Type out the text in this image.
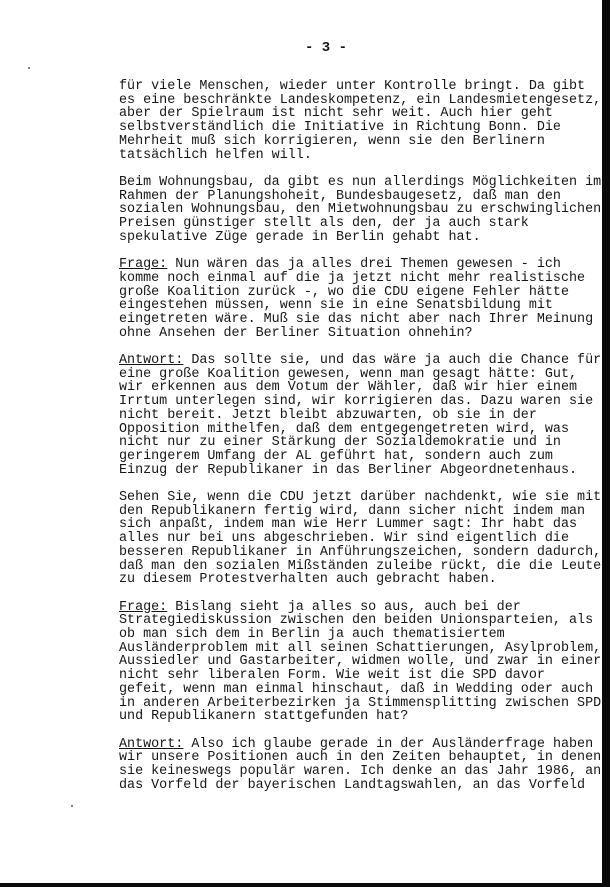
- 3 -
für viele Menschen, wieder unter Kontrolle bringt. Da gibt
es eine beschränkte Landeskompetenz, ein Landesmietengesetz,
aber der Spielraum ist nicht sehr weit. Auch hier geht
selbstverständlich die Initiative in Richtung Bonn. Die
Mehrheit muß sich korrigieren, wenn sie den Berlinern
tatsächlich helfen will.
Beim Wohnungsbau, da gibt es nun allerdings Möglichkeiten im
Rahmen der Planungshoheit, Bundesbaugesetz, daß man den
sozialen Wohnungsbau, den Mietwohnungsbau zu erschwinglichen
Preisen günstiger stellt als den, der ja auch stark
spekulative Züge gerade in Berlin gehabt hat.
Frage: Nun wären das ja alles drei Themen gewesen - ich
komme noch einmal auf die ja jetzt nicht mehr realistische
große Koalition zurück -, wo die CDU eigene Fehler hätte
eingestehen müssen, wenn sie in eine Senatsbildung mit
eingetreten wäre. Muß sie das nicht aber nach Ihrer Meinung
ohne Ansehen der Berliner Situation ohnehin?
Antwort: Das sollte sie, und das wäre ja auch die Chance für
eine große Koalition gewesen, wenn man gesagt hätte: Gut,
wir erkennen aus dem Votum der Wähler, daß wir hier einem
Irrtum unterlegen sind, wir korrigieren das. Dazu waren sie
nicht bereit. Jetzt bleibt abzuwarten, ob sie in der
Opposition mithelfen, daß dem entgegengetreten wird, was
nicht nur zu einer Stärkung der Sozialdemokratie und in
geringerem Umfang der AL geführt hat, sondern auch zum
Einzug der Republikaner in das Berliner Abgeordnetenhaus.
Sehen Sie, wenn die CDU jetzt darüber nachdenkt, wie sie mit
den Republikanern fertig wird, dann sicher nicht indem man
sich anpaßt, indem man wie Herr Lummer sagt: Ihr habt das
alles nur bei uns abgeschrieben. Wir sind eigentlich die
besseren Republikaner in Anführungszeichen, sondern dadurch,
daß man den sozialen Mißständen zuleibe rückt, die die Leute
zu diesem Protestverhalten auch gebracht haben.
Frage: Bislang sieht ja alles so aus, auch bei der
Strategiediskussion zwischen den beiden Unionsparteien, als
ob man sich dem in Berlin ja auch thematisiertem
Ausländerproblem mit all seinen Schattierungen, Asylproblem,
Aussiedler und Gastarbeiter, widmen wolle, und zwar in einer
nicht sehr liberalen Form. Wie weit ist die SPD davor
gefeit, wenn man einmal hinschaut, daß in Wedding oder auch
in anderen Arbeiterbezirken ja Stimmensplitting zwischen SPD
und Republikanern stattgefunden hat?
Antwort: Also ich glaube gerade in der Ausländerfrage haben
wir unsere Positionen auch in den Zeiten behauptet, in denen
sie keineswegs populär waren. Ich denke an das Jahr 1986, an
das Vorfeld der bayerischen Landtagswahlen, an das Vorfeld
